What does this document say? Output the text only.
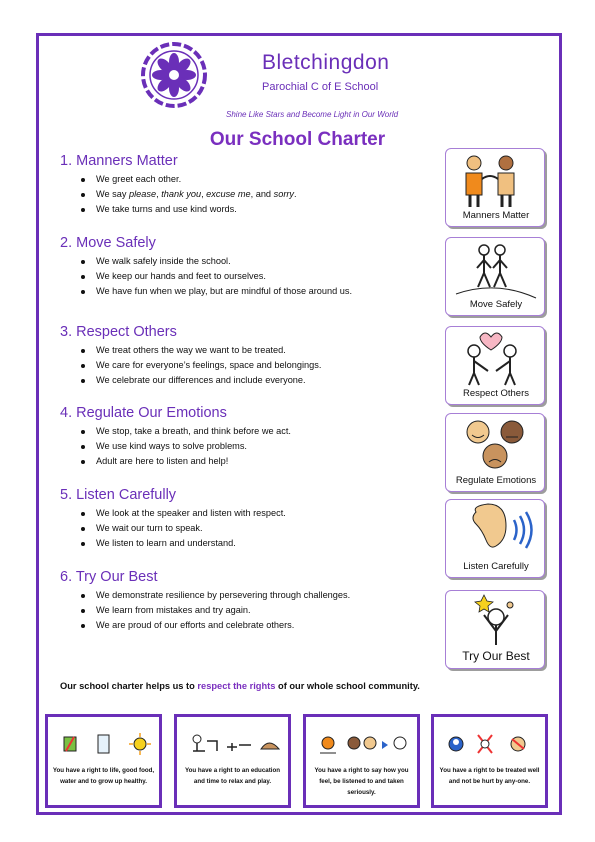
Bletchingdon
Parochial C of E School
Shine Like Stars and Become Light in Our World
Our School Charter
1. Manners Matter
We greet each other.
We say please, thank you, excuse me, and sorry.
We take turns and use kind words.
2. Move Safely
We walk safely inside the school.
We keep our hands and feet to ourselves.
We have fun when we play, but are mindful of those around us.
3. Respect Others
We treat others the way we want to be treated.
We care for everyone’s feelings, space and belongings.
We celebrate our differences and include everyone.
4. Regulate Our Emotions
We stop, take a breath, and think before we act.
We use kind ways to solve problems.
Adult are here to listen and help!
5. Listen Carefully
We look at the speaker and listen with respect.
We wait our turn to speak.
We listen to learn and understand.
6. Try Our Best
We demonstrate resilience by persevering through challenges.
We learn from mistakes and try again.
We are proud of our efforts and celebrate others.
Manners Matter
Move Safely
Respect Others
Regulate Emotions
Listen Carefully
Try Our Best
Our school charter helps us to respect the rights of our whole school community.
You have a right to life, good food, water and to grow up healthy.
You have a right to an education and time to relax and play.
You have a right to say how you feel, be listened to and taken seriously.
You have a right to be treated well and not be hurt by any-one.
